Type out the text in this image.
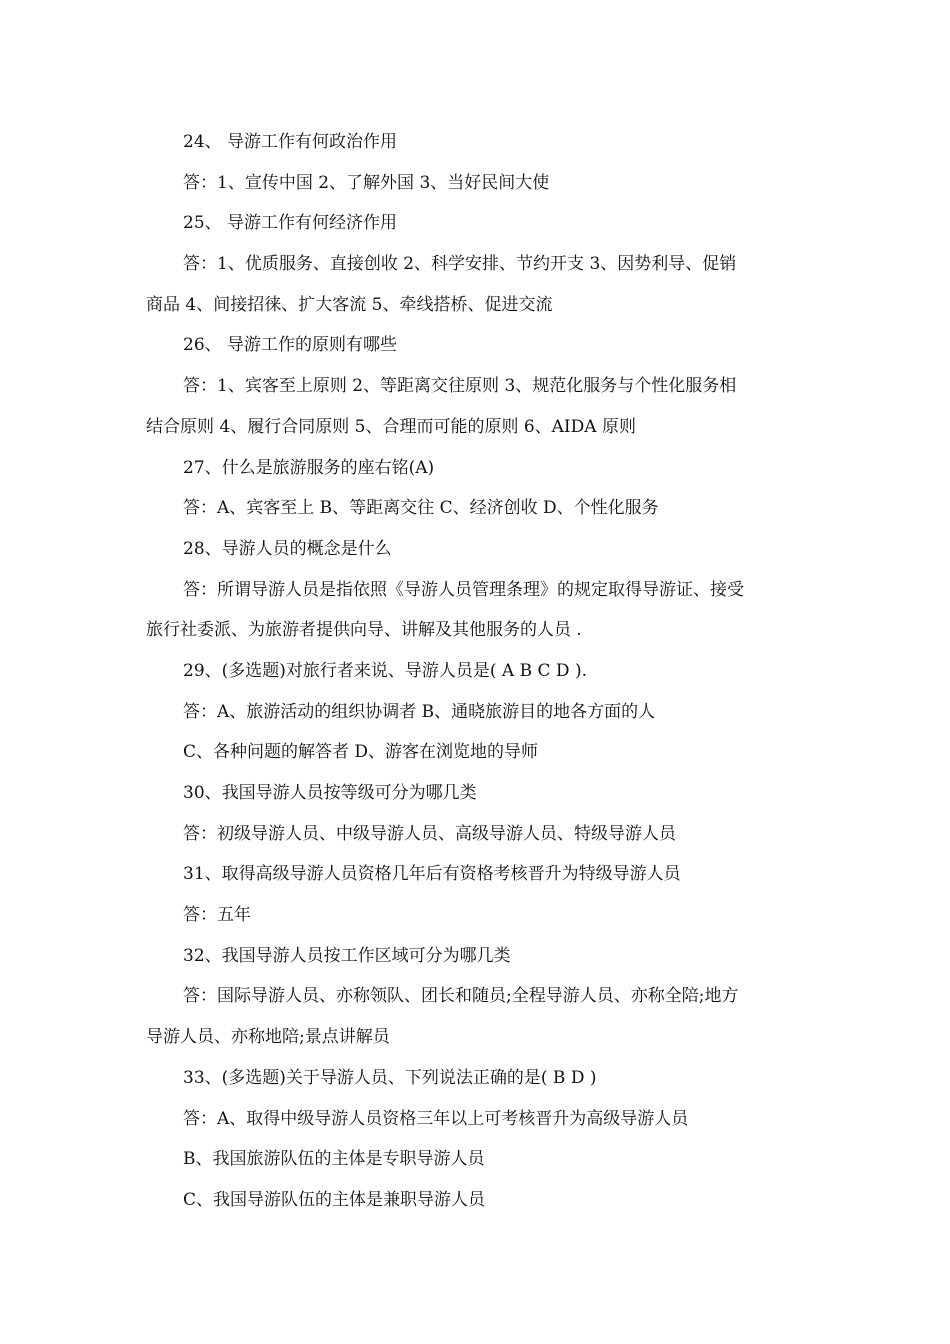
24、 导游工作有何政治作用
答：1、宣传中国 2、了解外国 3、当好民间大使
25、 导游工作有何经济作用
答：1、优质服务、直接创收 2、科学安排、节约开支 3、因势利导、促销
商品 4、间接招徕、扩大客流 5、牵线搭桥、促进交流
26、 导游工作的原则有哪些
答：1、宾客至上原则 2、等距离交往原则 3、规范化服务与个性化服务相
结合原则 4、履行合同原则 5、合理而可能的原则 6、AIDA 原则
27、什么是旅游服务的座右铭(A)
答：A、宾客至上 B、等距离交往 C、经济创收 D、个性化服务
28、导游人员的概念是什么
答：所谓导游人员是指依照《导游人员管理条理》的规定取得导游证、接受
旅行社委派、为旅游者提供向导、讲解及其他服务的人员 .
29、(多选题)对旅行者来说、导游人员是( A B C D ).
答：A、旅游活动的组织协调者 B、通晓旅游目的地各方面的人
C、各种问题的解答者 D、游客在浏览地的导师
30、我国导游人员按等级可分为哪几类
答：初级导游人员、中级导游人员、高级导游人员、特级导游人员
31、取得高级导游人员资格几年后有资格考核晋升为特级导游人员
答：五年
32、我国导游人员按工作区域可分为哪几类
答：国际导游人员、亦称领队、团长和随员;全程导游人员、亦称全陪;地方
导游人员、亦称地陪;景点讲解员
33、(多选题)关于导游人员、下列说法正确的是( B D )
答：A、取得中级导游人员资格三年以上可考核晋升为高级导游人员
B、我国旅游队伍的主体是专职导游人员
C、我国导游队伍的主体是兼职导游人员
